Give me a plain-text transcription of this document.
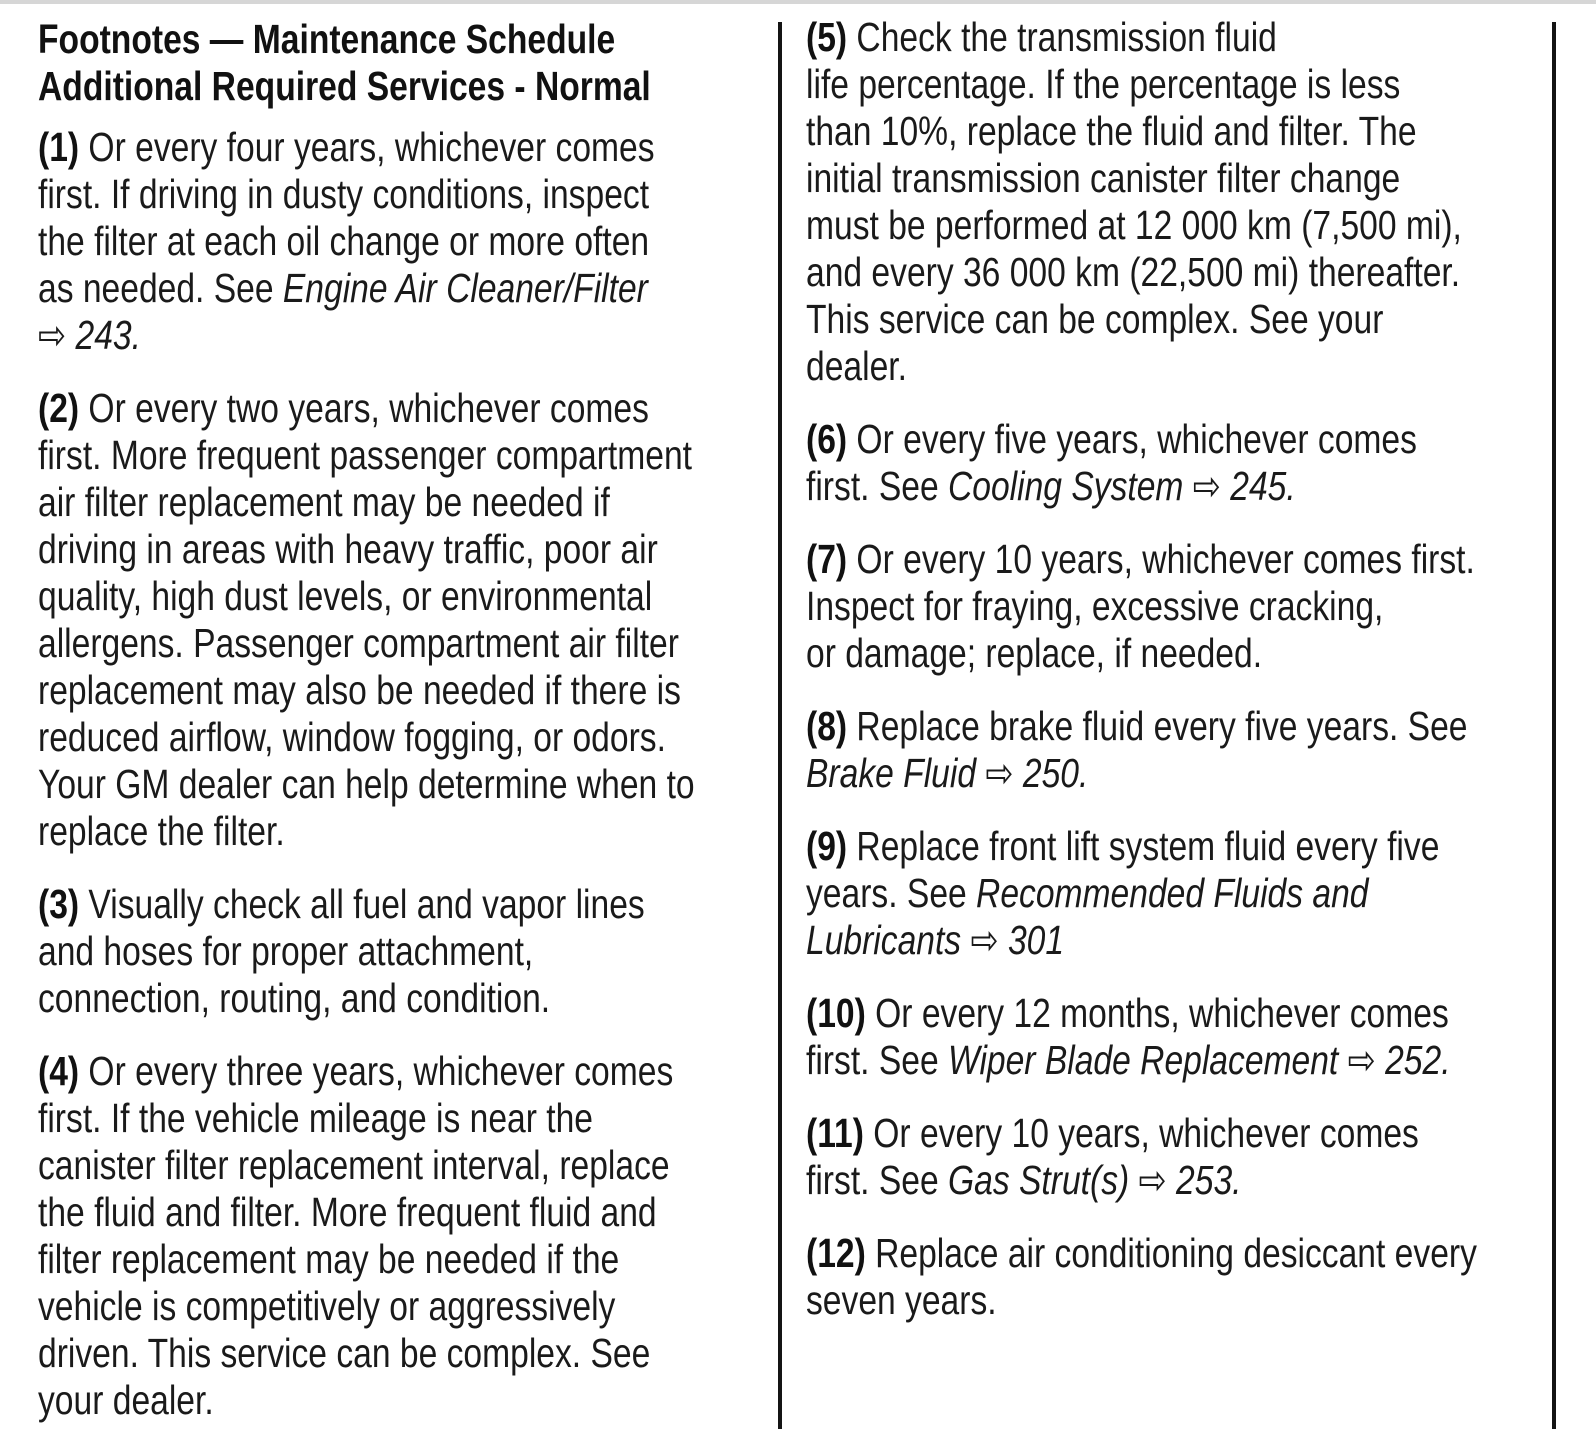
Footnotes — Maintenance Schedule
Additional Required Services - Normal
(1) Or every four years, whichever comes
first. If driving in dusty conditions, inspect
the filter at each oil change or more often
as needed. See Engine Air Cleaner/Filter
⇨ 243.
(2) Or every two years, whichever comes
first. More frequent passenger compartment
air filter replacement may be needed if
driving in areas with heavy traffic, poor air
quality, high dust levels, or environmental
allergens. Passenger compartment air filter
replacement may also be needed if there is
reduced airflow, window fogging, or odors.
Your GM dealer can help determine when to
replace the filter.
(3) Visually check all fuel and vapor lines
and hoses for proper attachment,
connection, routing, and condition.
(4) Or every three years, whichever comes
first. If the vehicle mileage is near the
canister filter replacement interval, replace
the fluid and filter. More frequent fluid and
filter replacement may be needed if the
vehicle is competitively or aggressively
driven. This service can be complex. See
your dealer.
(5) Check the transmission fluid
life percentage. If the percentage is less
than 10%, replace the fluid and filter. The
initial transmission canister filter change
must be performed at 12 000 km (7,500 mi),
and every 36 000 km (22,500 mi) thereafter.
This service can be complex. See your
dealer.
(6) Or every five years, whichever comes
first. See Cooling System ⇨ 245.
(7) Or every 10 years, whichever comes first.
Inspect for fraying, excessive cracking,
or damage; replace, if needed.
(8) Replace brake fluid every five years. See
Brake Fluid ⇨ 250.
(9) Replace front lift system fluid every five
years. See Recommended Fluids and
Lubricants ⇨ 301
(10) Or every 12 months, whichever comes
first. See Wiper Blade Replacement ⇨ 252.
(11) Or every 10 years, whichever comes
first. See Gas Strut(s) ⇨ 253.
(12) Replace air conditioning desiccant every
seven years.
